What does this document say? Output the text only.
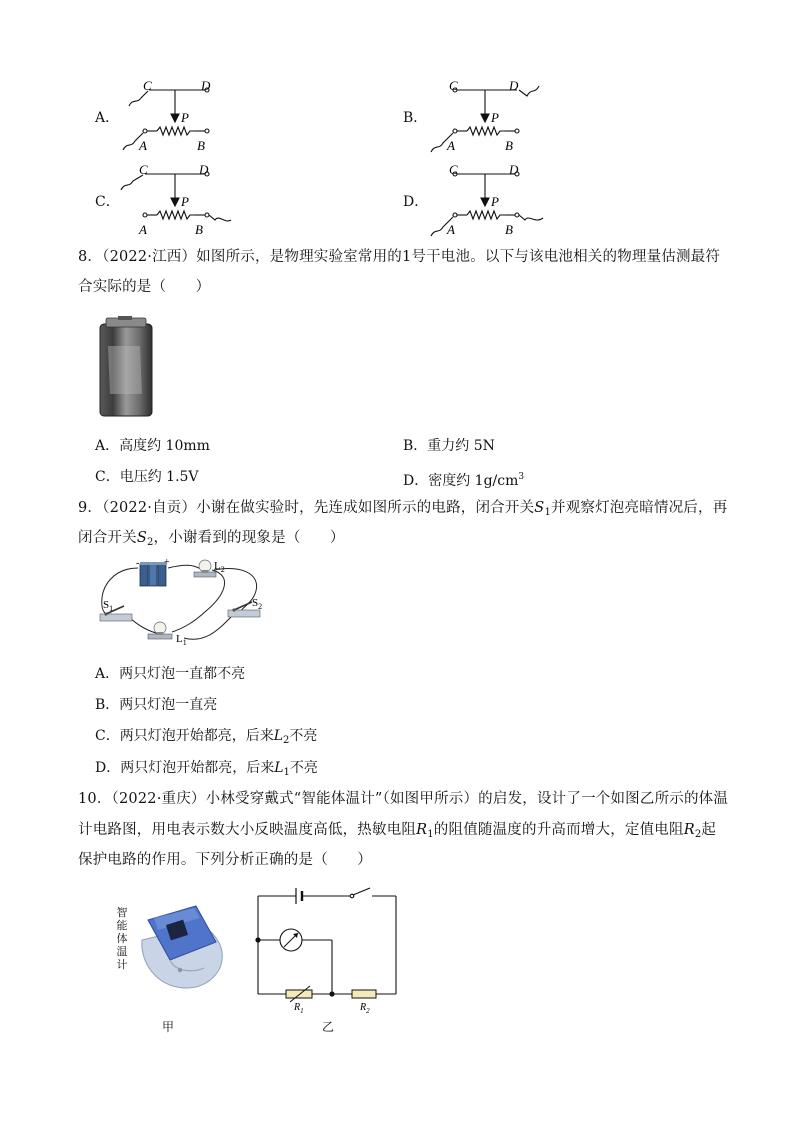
A．	B．
C．	D．
C	D
P
A	B
C	D
P
A	B
C	D
P
A	B
C	D
P
A	B
8．（2022·江西）如图所示，是物理实验室常用的1号干电池。以下与该电池相关的物理量估测最符
合实际的是（　　）
A．高度约 10mm	B．重力约 5N
C．电压约 1.5V	D．密度约 $1g/cm^3$
9．（2022·自贡）小谢在做实验时，先连成如图所示的电路，闭合开关$S_1$并观察灯泡亮暗情况后，再
闭合开关$S_2$，小谢看到的现象是（　　）
- +	$L_2$
$S_1$	$S_2$
$L_1$
A．两只灯泡一直都不亮
B．两只灯泡一直亮
C．两只灯泡开始都亮，后来$L_2$不亮
D．两只灯泡开始都亮，后来$L_1$不亮
10．（2022·重庆）小林受穿戴式“智能体温计”（如图甲所示）的启发，设计了一个如图乙所示的体温
计电路图，用电表示数大小反映温度高低，热敏电阻$R_1$的阻值随温度的升高而增大，定值电阻$R_2$起
保护电路的作用。下列分析正确的是（　　）
智
能
体
温
计
甲
$R_1$	$R_2$
乙
